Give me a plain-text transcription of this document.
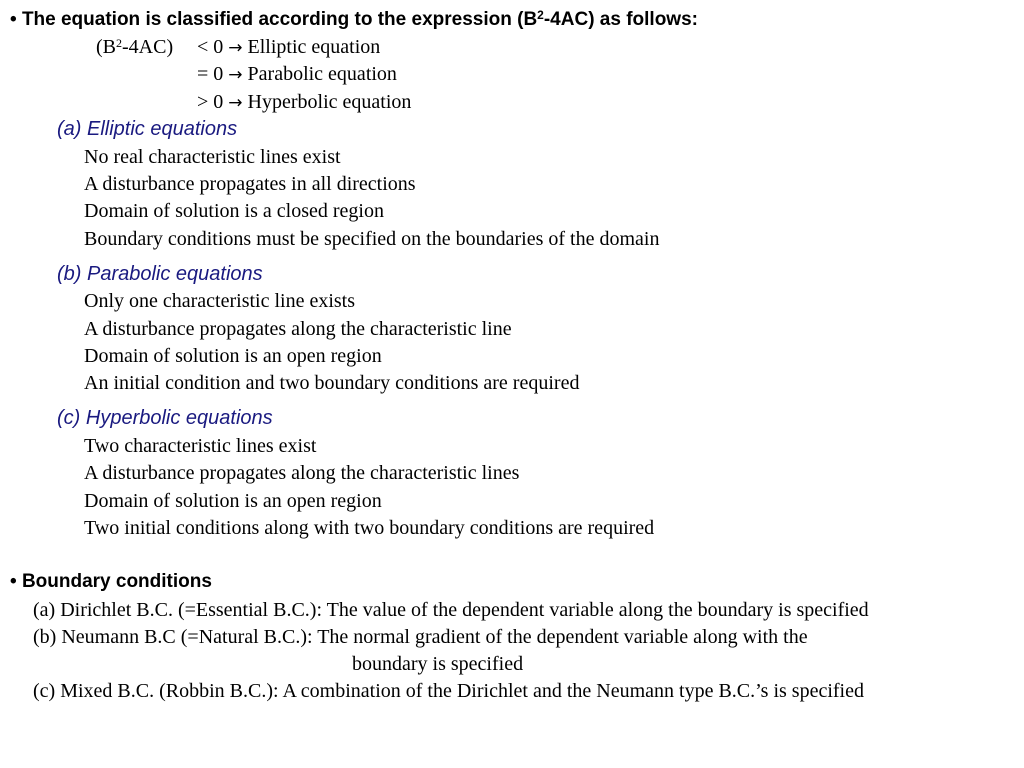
• The equation is classified according to the expression $(B^2-4AC)$ as follows:
$(B^2-4AC) < 0$ → Elliptic equation
= 0 → Parabolic equation
> 0 → Hyperbolic equation
(a) Elliptic equations
No real characteristic lines exist
A disturbance propagates in all directions
Domain of solution is a closed region
Boundary conditions must be specified on the boundaries of the domain
(b) Parabolic equations
Only one characteristic line exists
A disturbance propagates along the characteristic line
Domain of solution is an open region
An initial condition and two boundary conditions are required
(c) Hyperbolic equations
Two characteristic lines exist
A disturbance propagates along the characteristic lines
Domain of solution is an open region
Two initial conditions along with two boundary conditions are required
• Boundary conditions
(a) Dirichlet B.C. (=Essential B.C.): The value of the dependent variable along the boundary is specified
(b) Neumann B.C (=Natural B.C.): The normal gradient of the dependent variable along with the
boundary is specified
(c) Mixed B.C. (Robbin B.C.): A combination of the Dirichlet and the Neumann type B.C.’s is specified
